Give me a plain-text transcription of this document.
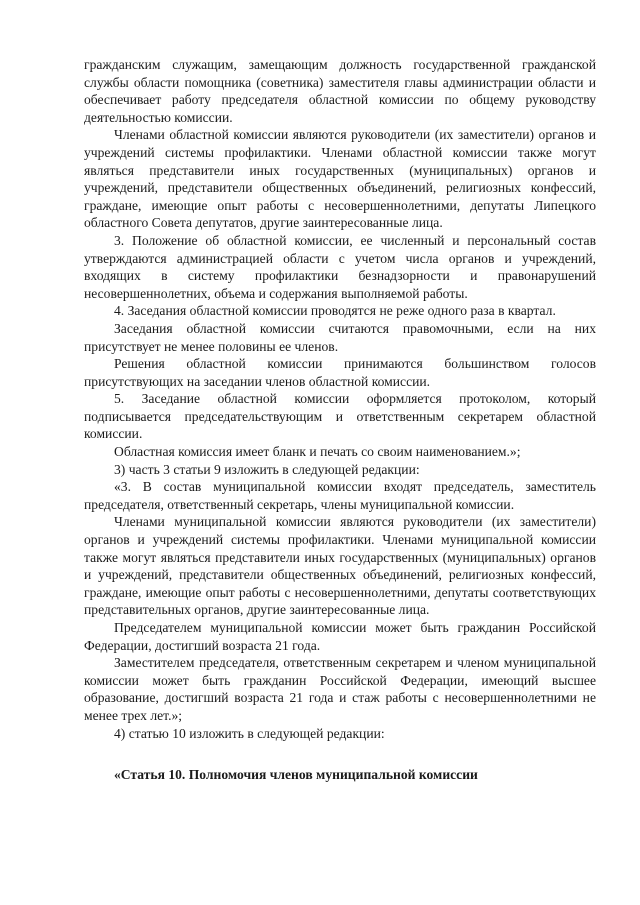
гражданским служащим, замещающим должность государственной гражданской службы области помощника (советника) заместителя главы администрации области и обеспечивает работу председателя областной комиссии по общему руководству деятельностью комиссии.

Членами областной комиссии являются руководители (их заместители) органов и учреждений системы профилактики. Членами областной комиссии также могут являться представители иных государственных (муниципальных) органов и учреждений, представители общественных объединений, религиозных конфессий, граждане, имеющие опыт работы с несовершеннолетними, депутаты Липецкого областного Совета депутатов, другие заинтересованные лица.

3. Положение об областной комиссии, ее численный и персональный состав утверждаются администрацией области с учетом числа органов и учреждений, входящих в систему профилактики безнадзорности и правонарушений несовершеннолетних, объема и содержания выполняемой работы.

4. Заседания областной комиссии проводятся не реже одного раза в квартал.

Заседания областной комиссии считаются правомочными, если на них присутствует не менее половины ее членов.

Решения областной комиссии принимаются большинством голосов присутствующих на заседании членов областной комиссии.

5. Заседание областной комиссии оформляется протоколом, который подписывается председательствующим и ответственным секретарем областной комиссии.

Областная комиссия имеет бланк и печать со своим наименованием.»;

3) часть 3 статьи 9 изложить в следующей редакции:

«3. В состав муниципальной комиссии входят председатель, заместитель председателя, ответственный секретарь, члены муниципальной комиссии.

Членами муниципальной комиссии являются руководители (их заместители) органов и учреждений системы профилактики. Членами муниципальной комиссии также могут являться представители иных государственных (муниципальных) органов и учреждений, представители общественных объединений, религиозных конфессий, граждане, имеющие опыт работы с несовершеннолетними, депутаты соответствующих представительных органов, другие заинтересованные лица.

Председателем муниципальной комиссии может быть гражданин Российской Федерации, достигший возраста 21 года.

Заместителем председателя, ответственным секретарем и членом муниципальной комиссии может быть гражданин Российской Федерации, имеющий высшее образование, достигший возраста 21 года и стаж работы с несовершеннолетними не менее трех лет.»;

4) статью 10 изложить в следующей редакции:

«Статья 10. Полномочия членов муниципальной комиссии
